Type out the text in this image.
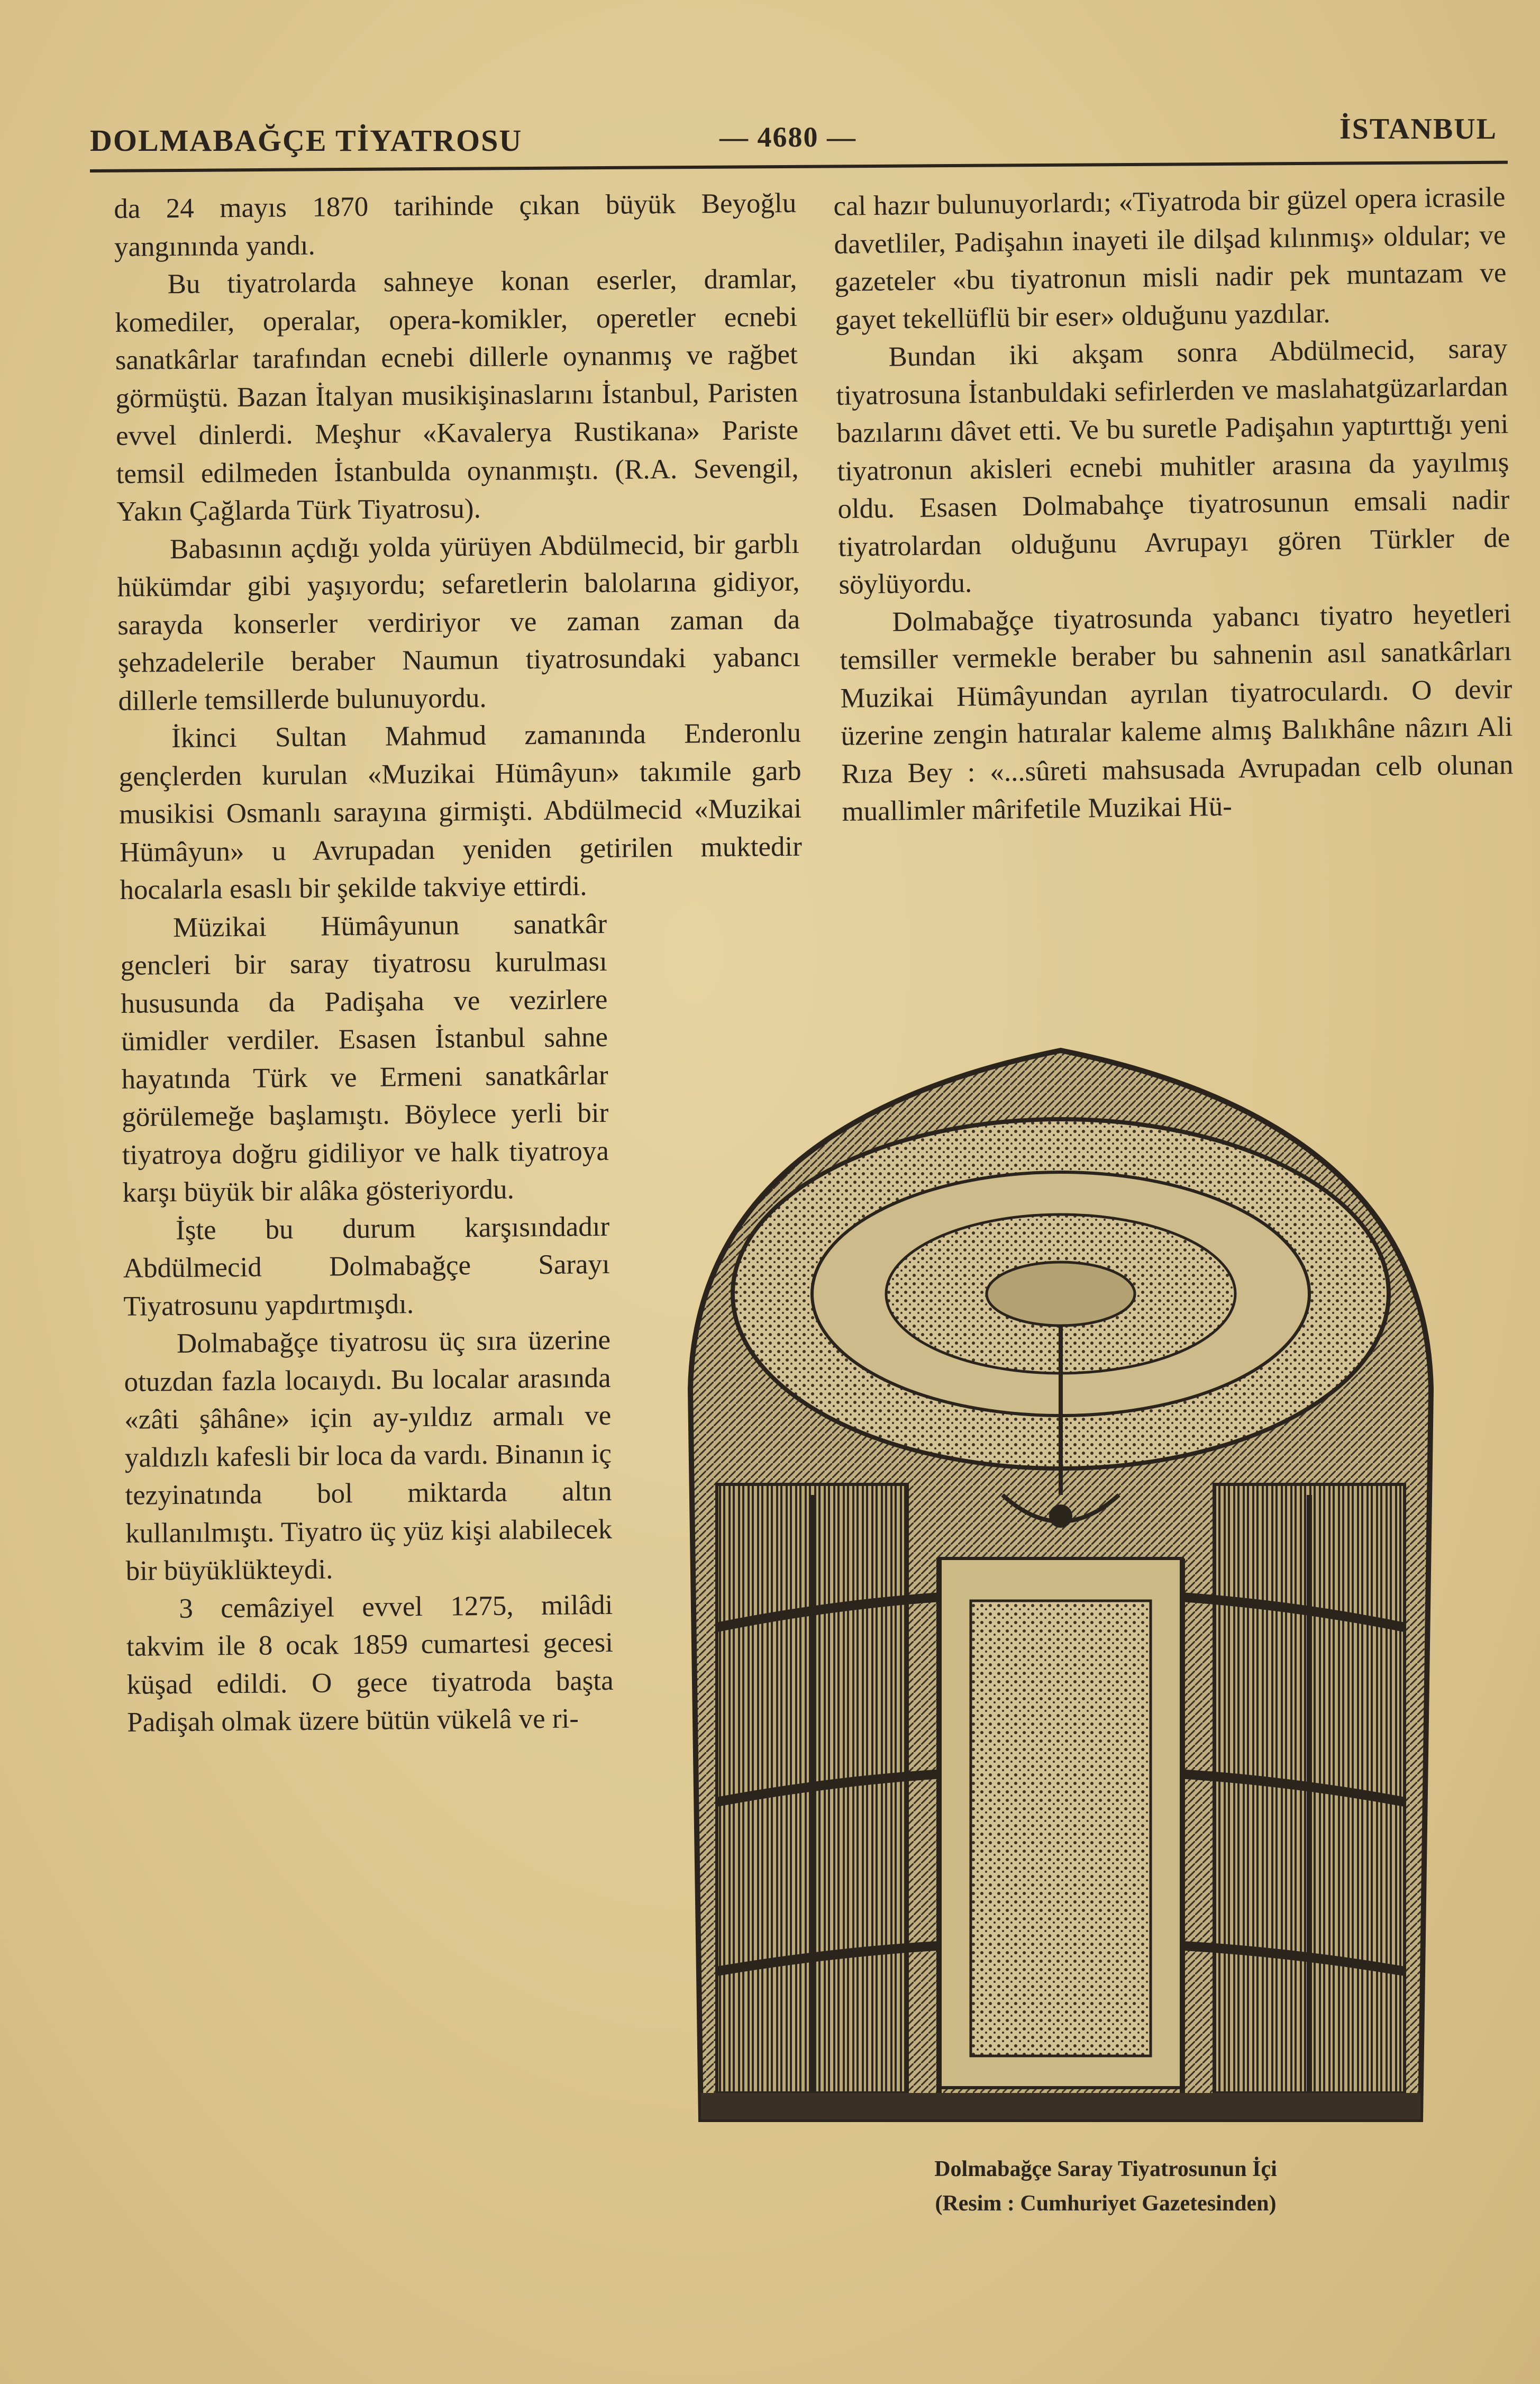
DOLMABAĞÇE TİYATROSU	— 4680 —	İSTANBUL

da 24 mayıs 1870 tarihinde çıkan büyük Beyoğlu yangınında yandı.

Bu tiyatrolarda sahneye konan eserler, dramlar, komediler, operalar, opera-komikler, operetler ecnebi sanatkârlar tarafından ecnebi dillerle oynanmış ve rağbet görmüştü. Bazan İtalyan musikişinaslarını İstanbul, Paristen evvel dinlerdi. Meşhur «Kavalerya Rustikana» Pariste temsil edilmeden İstanbulda oynanmıştı. (R.A. Sevengil, Yakın Çağlarda Türk Tiyatrosu).

Babasının açdığı yolda yürüyen Abdülmecid, bir garblı hükümdar gibi yaşıyordu; sefaretlerin balolarına gidiyor, sarayda konserler verdiriyor ve zaman zaman da şehzadelerile beraber Naumun tiyatrosundaki yabancı dillerle temsillerde bulunuyordu.

İkinci Sultan Mahmud zamanında Enderonlu gençlerden kurulan «Muzikai Hümâyun» takımile garb musikisi Osmanlı sarayına girmişti. Abdülmecid «Muzikai Hümâyun» u Avrupadan yeniden getirilen muktedir hocalarla esaslı bir şekilde takviye ettirdi.

Müzikai Hümâyunun sanatkâr gencleri bir saray tiyatrosu kurulması hususunda da Padişaha ve vezirlere ümidler verdiler. Esasen İstanbul sahne hayatında Türk ve Ermeni sanatkârlar görülemeğe başlamıştı. Böylece yerli bir tiyatroya doğru gidiliyor ve halk tiyatroya karşı büyük bir alâka gösteriyordu.

İşte bu durum karşısındadır Abdülmecid Dolmabağçe Sarayı Tiyatrosunu yapdırtmışdı.

Dolmabağçe tiyatrosu üç sıra üzerine otuzdan fazla locaıydı. Bu localar arasında «zâti şâhâne» için ay-yıldız armalı ve yaldızlı kafesli bir loca da vardı. Binanın iç tezyinatında bol miktarda altın kullanılmıştı. Tiyatro üç yüz kişi alabilecek bir büyüklükteydi.

3 cemâziyel evvel 1275, milâdi takvim ile 8 ocak 1859 cumartesi gecesi küşad edildi. O gece tiyatroda başta Padişah olmak üzere bütün vükelâ ve ri-

cal hazır bulunuyorlardı; «Tiyatroda bir güzel opera icrasile davetliler, Padişahın inayeti ile dilşad kılınmış» oldular; ve gazeteler «bu tiyatronun misli nadir pek muntazam ve gayet tekellüflü bir eser» olduğunu yazdılar.

Bundan iki akşam sonra Abdülmecid, saray tiyatrosuna İstanbuldaki sefirlerden ve maslahatgüzarlardan bazılarını dâvet etti. Ve bu suretle Padişahın yaptırttığı yeni tiyatronun akisleri ecnebi muhitler arasına da yayılmış oldu. Esasen Dolmabahçe tiyatrosunun emsali nadir tiyatrolardan olduğunu Avrupayı gören Türkler de söylüyordu.

Dolmabağçe tiyatrosunda yabancı tiyatro heyetleri temsiller vermekle beraber bu sahnenin asıl sanatkârları Muzikai Hümâyundan ayrılan tiyatroculardı. O devir üzerine zengin hatıralar kaleme almış Balıkhâne nâzırı Ali Rıza Bey : «...sûreti mahsusada Avrupadan celb olunan muallimler mârifetile Muzikai Hü-

Dolmabağçe Saray Tiyatrosunun İçi
(Resim : Cumhuriyet Gazetesinden)
